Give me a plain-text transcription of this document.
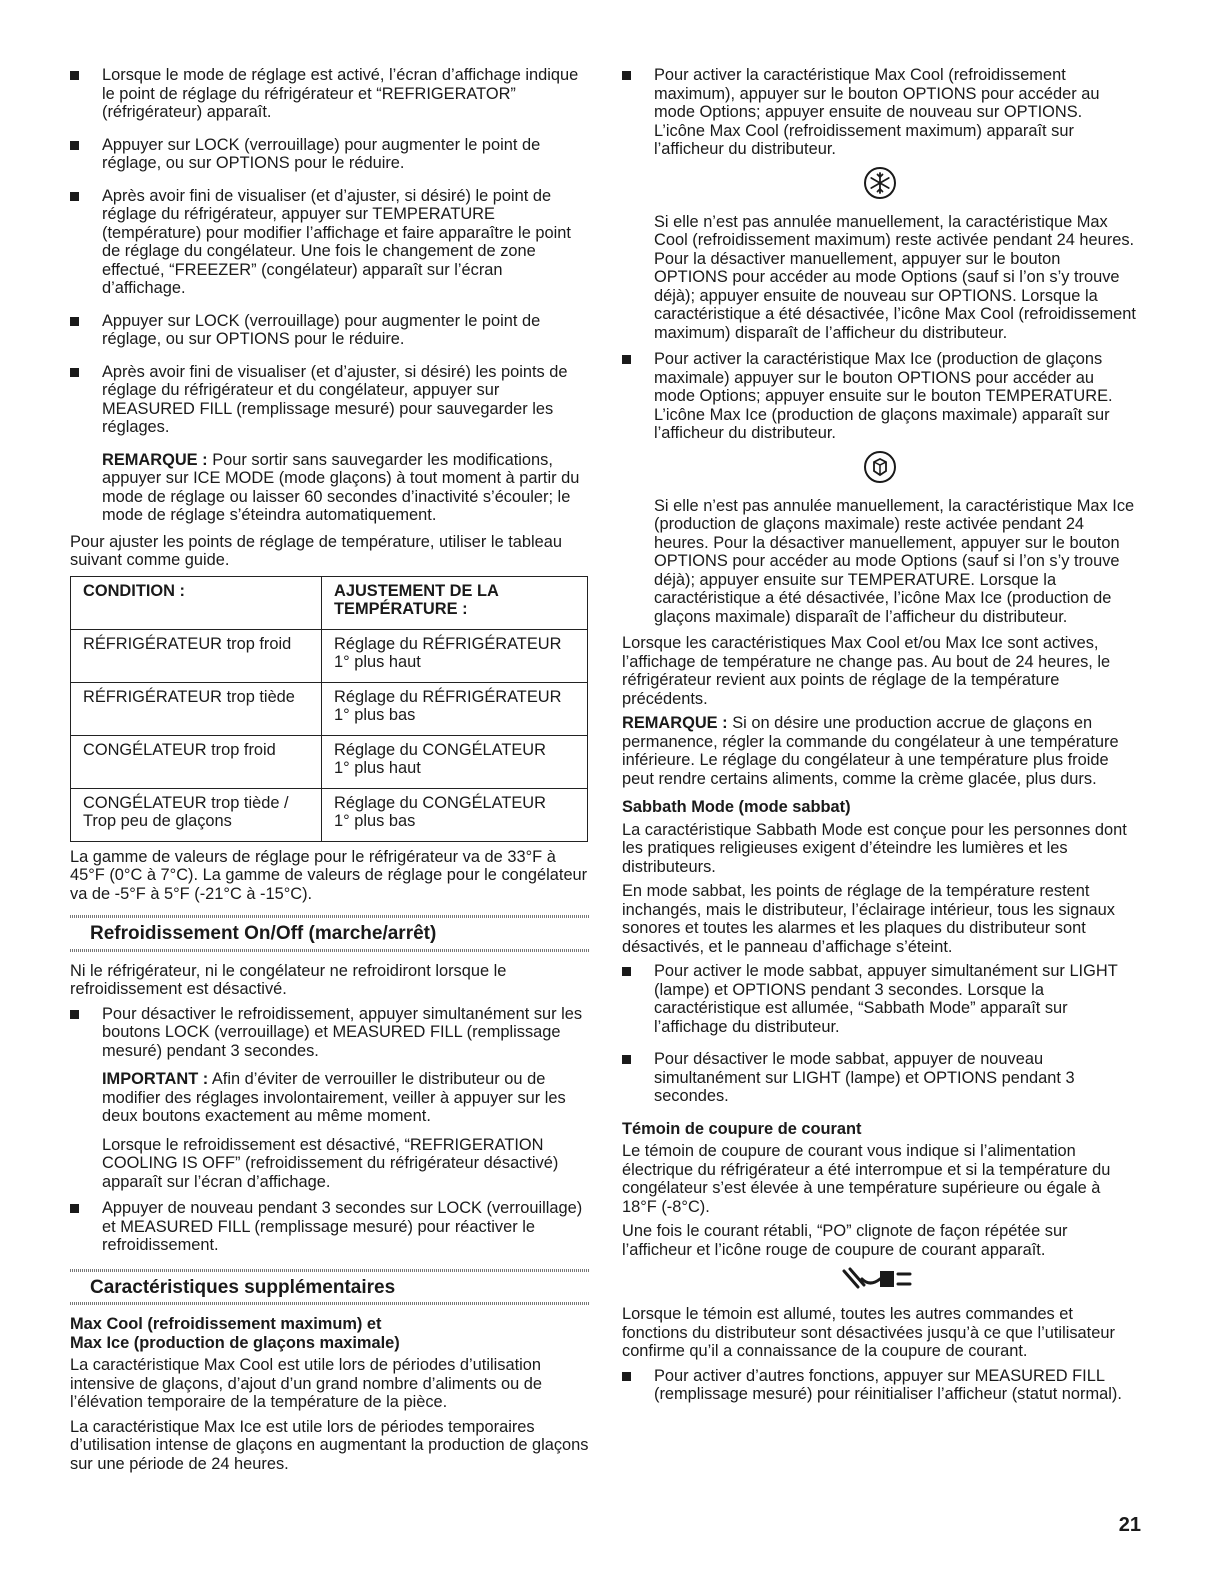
Lorsque le mode de réglage est activé, l’écran d’affichage indique le point de réglage du réfrigérateur et “REFRIGERATOR” (réfrigérateur) apparaît.

Appuyer sur LOCK (verrouillage) pour augmenter le point de réglage, ou sur OPTIONS pour le réduire.

Après avoir fini de visualiser (et d’ajuster, si désiré) le point de réglage du réfrigérateur, appuyer sur TEMPERATURE (température) pour modifier l’affichage et faire apparaître le point de réglage du congélateur. Une fois le changement de zone effectué, “FREEZER” (congélateur) apparaît sur l’écran d’affichage.

Appuyer sur LOCK (verrouillage) pour augmenter le point de réglage, ou sur OPTIONS pour le réduire.

Après avoir fini de visualiser (et d’ajuster, si désiré) les points de réglage du réfrigérateur et du congélateur, appuyer sur MEASURED FILL (remplissage mesuré) pour sauvegarder les réglages.

REMARQUE : Pour sortir sans sauvegarder les modifications, appuyer sur ICE MODE (mode glaçons) à tout moment à partir du mode de réglage ou laisser 60 secondes d’inactivité s’écouler; le mode de réglage s’éteindra automatiquement.

Pour ajuster les points de réglage de température, utiliser le tableau suivant comme guide.

CONDITION :	AJUSTEMENT DE LA TEMPÉRATURE :
RÉFRIGÉRATEUR trop froid	Réglage du RÉFRIGÉRATEUR
1° plus haut

RÉFRIGÉRATEUR trop tiède	Réglage du RÉFRIGÉRATEUR
1° plus bas

CONGÉLATEUR trop froid	Réglage du CONGÉLATEUR
1° plus haut

CONGÉLATEUR trop tiède / Trop peu de glaçons	Réglage du CONGÉLATEUR
1° plus bas

La gamme de valeurs de réglage pour le réfrigérateur va de 33°F à 45°F (0°C à 7°C). La gamme de valeurs de réglage pour le congélateur va de -5°F à 5°F (-21°C à -15°C).

Refroidissement On/Off (marche/arrêt)

Ni le réfrigérateur, ni le congélateur ne refroidiront lorsque le refroidissement est désactivé.

Pour désactiver le refroidissement, appuyer simultanément sur les boutons LOCK (verrouillage) et MEASURED FILL (remplissage mesuré) pendant 3 secondes.

IMPORTANT : Afin d’éviter de verrouiller le distributeur ou de modifier des réglages involontairement, veiller à appuyer sur les deux boutons exactement au même moment.

Lorsque le refroidissement est désactivé, “REFRIGERATION COOLING IS OFF” (refroidissement du réfrigérateur désactivé) apparaît sur l’écran d’affichage.

Appuyer de nouveau pendant 3 secondes sur LOCK (verrouillage) et MEASURED FILL (remplissage mesuré) pour réactiver le refroidissement.

Caractéristiques supplémentaires
Max Cool (refroidissement maximum) et
Max Ice (production de glaçons maximale)

La caractéristique Max Cool est utile lors de périodes d’utilisation intensive de glaçons, d’ajout d’un grand nombre d’aliments ou de l’élévation temporaire de la température de la pièce.

La caractéristique Max Ice est utile lors de périodes temporaires d’utilisation intense de glaçons en augmentant la production de glaçons sur une période de 24 heures.

Pour activer la caractéristique Max Cool (refroidissement maximum), appuyer sur le bouton OPTIONS pour accéder au mode Options; appuyer ensuite de nouveau sur OPTIONS. L’icône Max Cool (refroidissement maximum) apparaît sur l’afficheur du distributeur.

Si elle n’est pas annulée manuellement, la caractéristique Max Cool (refroidissement maximum) reste activée pendant 24 heures. Pour la désactiver manuellement, appuyer sur le bouton OPTIONS pour accéder au mode Options (sauf si l’on s’y trouve déjà); appuyer ensuite de nouveau sur OPTIONS. Lorsque la caractéristique a été désactivée, l’icône Max Cool (refroidissement maximum) disparaît de l’afficheur du distributeur.

Pour activer la caractéristique Max Ice (production de glaçons maximale) appuyer sur le bouton OPTIONS pour accéder au mode Options; appuyer ensuite sur le bouton TEMPERATURE. L’icône Max Ice (production de glaçons maximale) apparaît sur l’afficheur du distributeur.

Si elle n’est pas annulée manuellement, la caractéristique Max Ice (production de glaçons maximale) reste activée pendant 24 heures. Pour la désactiver manuellement, appuyer sur le bouton OPTIONS pour accéder au mode Options (sauf si l’on s’y trouve déjà); appuyer ensuite sur TEMPERATURE. Lorsque la caractéristique a été désactivée, l’icône Max Ice (production de glaçons maximale) disparaît de l’afficheur du distributeur.

Lorsque les caractéristiques Max Cool et/ou Max Ice sont actives, l’affichage de température ne change pas. Au bout de 24 heures, le réfrigérateur revient aux points de réglage de la température précédents.

REMARQUE : Si on désire une production accrue de glaçons en permanence, régler la commande du congélateur à une température inférieure. Le réglage du congélateur à une température plus froide peut rendre certains aliments, comme la crème glacée, plus durs.

Sabbath Mode (mode sabbat)

La caractéristique Sabbath Mode est conçue pour les personnes dont les pratiques religieuses exigent d’éteindre les lumières et les distributeurs.

En mode sabbat, les points de réglage de la température restent inchangés, mais le distributeur, l’éclairage intérieur, tous les signaux sonores et toutes les alarmes et les plaques du distributeur sont désactivés, et le panneau d’affichage s’éteint.

Pour activer le mode sabbat, appuyer simultanément sur LIGHT (lampe) et OPTIONS pendant 3 secondes. Lorsque la caractéristique est allumée, “Sabbath Mode” apparaît sur l’affichage du distributeur.

Pour désactiver le mode sabbat, appuyer de nouveau simultanément sur LIGHT (lampe) et OPTIONS pendant 3 secondes.

Témoin de coupure de courant

Le témoin de coupure de courant vous indique si l’alimentation électrique du réfrigérateur a été interrompue et si la température du congélateur s’est élevée à une température supérieure ou égale à 18°F (-8°C).

Une fois le courant rétabli, “PO” clignote de façon répétée sur l’afficheur et l’icône rouge de coupure de courant apparaît.

Lorsque le témoin est allumé, toutes les autres commandes et fonctions du distributeur sont désactivées jusqu’à ce que l’utilisateur confirme qu’il a connaissance de la coupure de courant.

Pour activer d’autres fonctions, appuyer sur MEASURED FILL (remplissage mesuré) pour réinitialiser l’afficheur (statut normal).

21
